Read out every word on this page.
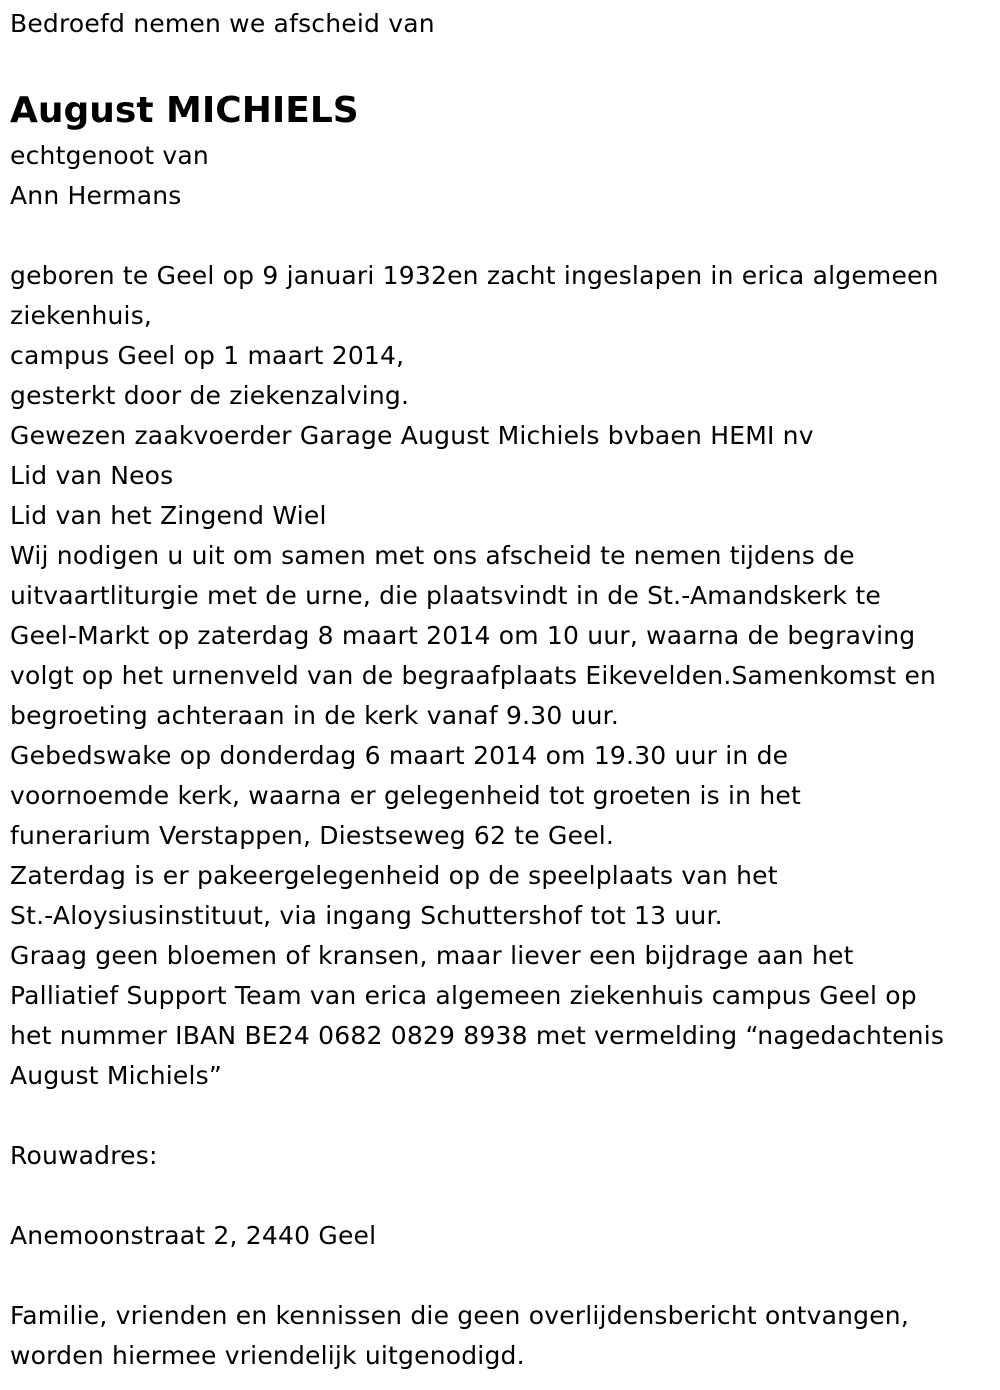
Bedroefd nemen we afscheid van
August MICHIELS
echtgenoot van
Ann Hermans
geboren te Geel op 9 januari 1932en zacht ingeslapen in erica algemeen
ziekenhuis,
campus Geel op 1 maart 2014,
gesterkt door de ziekenzalving.
Gewezen zaakvoerder Garage August Michiels bvbaen HEMI nv
Lid van Neos
Lid van het Zingend Wiel
Wij nodigen u uit om samen met ons afscheid te nemen tijdens de
uitvaartliturgie met de urne, die plaatsvindt in de St.-Amandskerk te
Geel-Markt op zaterdag 8 maart 2014 om 10 uur, waarna de begraving
volgt op het urnenveld van de begraafplaats Eikevelden.Samenkomst en
begroeting achteraan in de kerk vanaf 9.30 uur.
Gebedswake op donderdag 6 maart 2014 om 19.30 uur in de
voornoemde kerk, waarna er gelegenheid tot groeten is in het
funerarium Verstappen, Diestseweg 62 te Geel.
Zaterdag is er pakeergelegenheid op de speelplaats van het
St.-Aloysiusinstituut, via ingang Schuttershof tot 13 uur.
Graag geen bloemen of kransen, maar liever een bijdrage aan het
Palliatief Support Team van erica algemeen ziekenhuis campus Geel op
het nummer IBAN BE24 0682 0829 8938 met vermelding “nagedachtenis
August Michiels”
Rouwadres:
Anemoonstraat 2, 2440 Geel
Familie, vrienden en kennissen die geen overlijdensbericht ontvangen,
worden hiermee vriendelijk uitgenodigd.
